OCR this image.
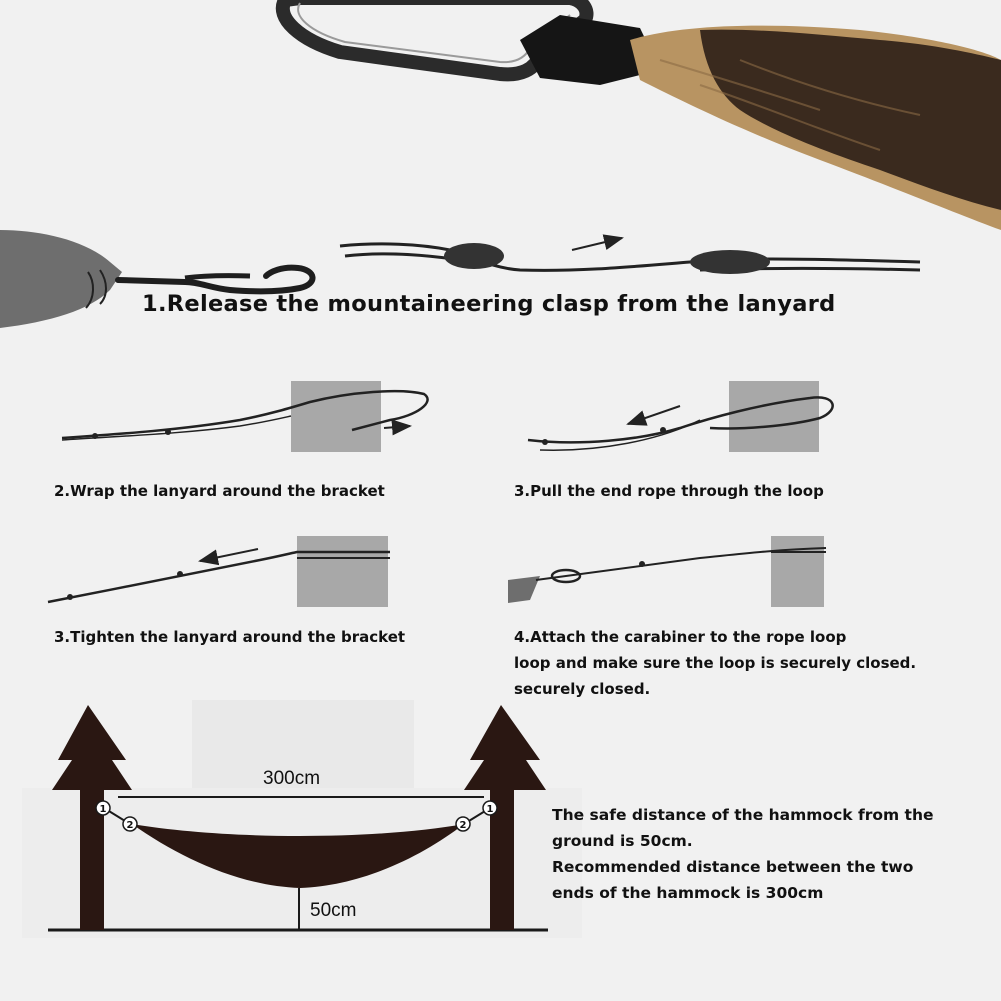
1
2	2
1
1.Release the mountaineering clasp from the lanyard
2.Wrap the lanyard around the bracket	3.Pull the end rope through the loop
3.Tighten the lanyard around the bracket	4.Attach the carabiner to the rope loop
loop and make sure the loop is securely closed.
securely closed.
300cm
50cm
The safe distance of the hammock from the
ground is 50cm.
Recommended distance between the two
ends of the hammock is 300cm
